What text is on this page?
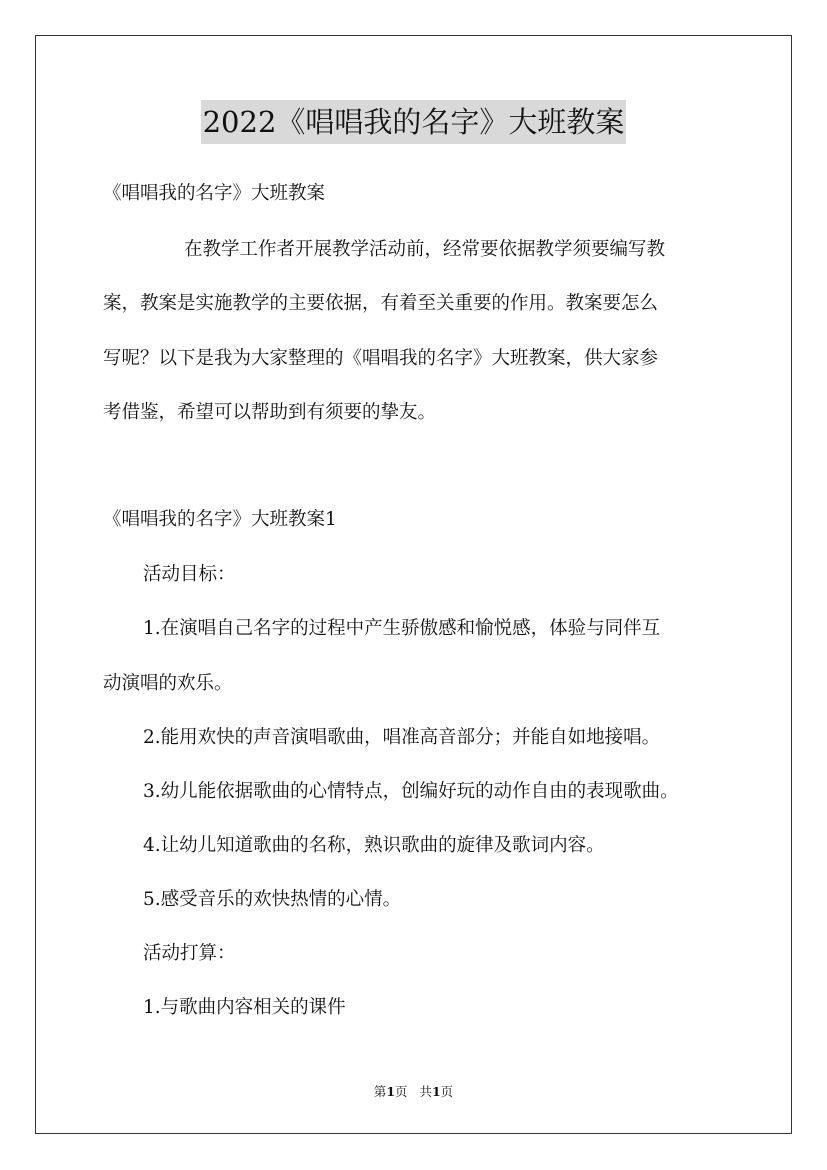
2022《唱唱我的名字》大班教案
《唱唱我的名字》大班教案
在教学工作者开展教学活动前，经常要依据教学须要编写教
案，教案是实施教学的主要依据，有着至关重要的作用。教案要怎么
写呢？以下是我为大家整理的《唱唱我的名字》大班教案，供大家参
考借鉴，希望可以帮助到有须要的挚友。
《唱唱我的名字》大班教案1
活动目标：
1.在演唱自己名字的过程中产生骄傲感和愉悦感，体验与同伴互
动演唱的欢乐。
2.能用欢快的声音演唱歌曲，唱准高音部分；并能自如地接唱。
3.幼儿能依据歌曲的心情特点，创编好玩的动作自由的表现歌曲。
4.让幼儿知道歌曲的名称，熟识歌曲的旋律及歌词内容。
5.感受音乐的欢快热情的心情。
活动打算：
1.与歌曲内容相关的课件
第1页 共1页
